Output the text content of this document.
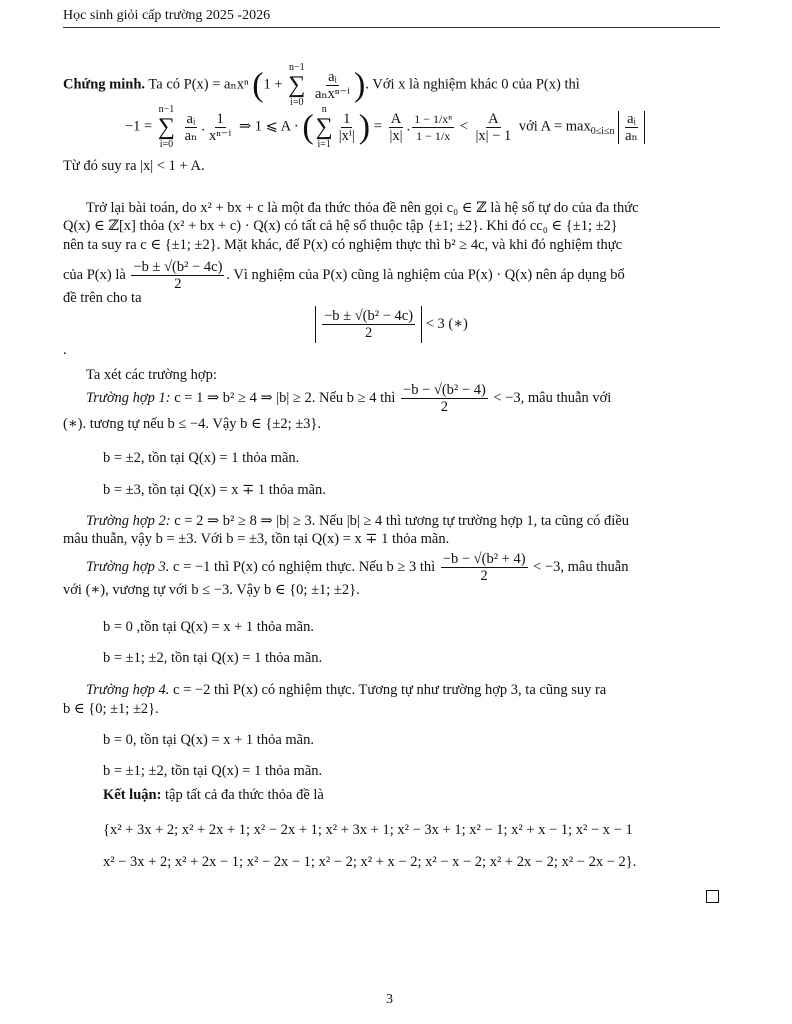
Học sinh giỏi cấp trường 2025 -2026
Chứng minh. Ta có P(x) = aₙxⁿ (1 +
n−1
∑
i=0

aᵢ
aₙxⁿ⁻ⁱ ). Với x là nghiệm khác 0 của P(x) thì
−1 =
n−1
∑
i=0

$\frac{\text{aᵢ}}{\text{aₙ}}$ . $\frac{1}{\text{xⁿ⁻ⁱ}}$ ⇒ 1 ⩽ A · ( n
∑
i=1
$\frac{1}{\text{|xⁱ|}}$ ) = $\frac{A}{|x|}$ . $\frac{\text{1 − 1/xⁿ}}{1 - 1/x} < \frac{A}{|x| - 1}$ với $A = \max_{0\le i\le n} \frac{\text{aᵢ}}{\text{aₙ}}$
Từ đó suy ra |x| < 1 + A.
Trở lại bài toán, do x² + bx + c là một đa thức thỏa đề nên gọi c₀ ∈ ℤ là hệ số tự do của đa thức
Q(x) ∈ ℤ[x] thỏa (x² + bx + c) · Q(x) có tất cả hệ số thuộc tập {±1; ±2}. Khi đó cc₀ ∈ {±1; ±2}
nên ta suy ra c ∈ {±1; ±2}. Mặt khác, để P(x) có nghiệm thực thì b² ≥ 4c, và khi đó nghiệm thực
của P(x) là $\frac{\text{−b ± √(b² − 4c)}}{2}$ . Vì nghiệm của P(x) cũng là nghiệm của P(x) · Q(x) nên áp dụng bổ
đề trên cho ta
$\frac{\text{−b ± √(b² − 4c)}}{2} < 3$ (∗)
.
Ta xét các trường hợp:
Trường hợp 1: c = 1 ⇒ b² ≥ 4 ⇒ |b| ≥ 2. Nếu b ≥ 4 thì $\frac{\text{−b − √(b² − 4)}}{2} < -3$, mâu thuẫn với
(∗). tương tự nếu b ≤ −4. Vậy b ∈ {±2; ±3}.
b = ±2, tồn tại Q(x) = 1 thỏa mãn.
b = ±3, tồn tại Q(x) = x ∓ 1 thỏa mãn.
Trường hợp 2: c = 2 ⇒ b² ≥ 8 ⇒ |b| ≥ 3. Nếu |b| ≥ 4 thì tương tự trường hợp 1, ta cũng có điều
mâu thuẫn, vậy b = ±3. Với b = ±3, tồn tại Q(x) = x ∓ 1 thỏa mãn.
Trường hợp 3. c = −1 thì P(x) có nghiệm thực. Nếu b ≥ 3 thì $\frac{\text{−b − √(b² + 4)}}{2} < -3$, mâu thuẫn
với (∗), vương tự với b ≤ −3. Vậy b ∈ {0; ±1; ±2}.
b = 0 ,tồn tại Q(x) = x + 1 thỏa mãn.
b = ±1; ±2, tồn tại Q(x) = 1 thỏa mãn.
Trường hợp 4. c = −2 thì P(x) có nghiệm thực. Tương tự như trường hợp 3, ta cũng suy ra
b ∈ {0; ±1; ±2}.
b = 0, tồn tại Q(x) = x + 1 thỏa mãn.
b = ±1; ±2, tồn tại Q(x) = 1 thỏa mãn.
Kết luận: tập tất cả đa thức thỏa đề là
{x² + 3x + 2; x² + 2x + 1; x² − 2x + 1; x² + 3x + 1; x² − 3x + 1; x² − 1; x² + x − 1; x² − x − 1
x² − 3x + 2; x² + 2x − 1; x² − 2x − 1; x² − 2; x² + x − 2; x² − x − 2; x² + 2x − 2; x² − 2x − 2}.
3
